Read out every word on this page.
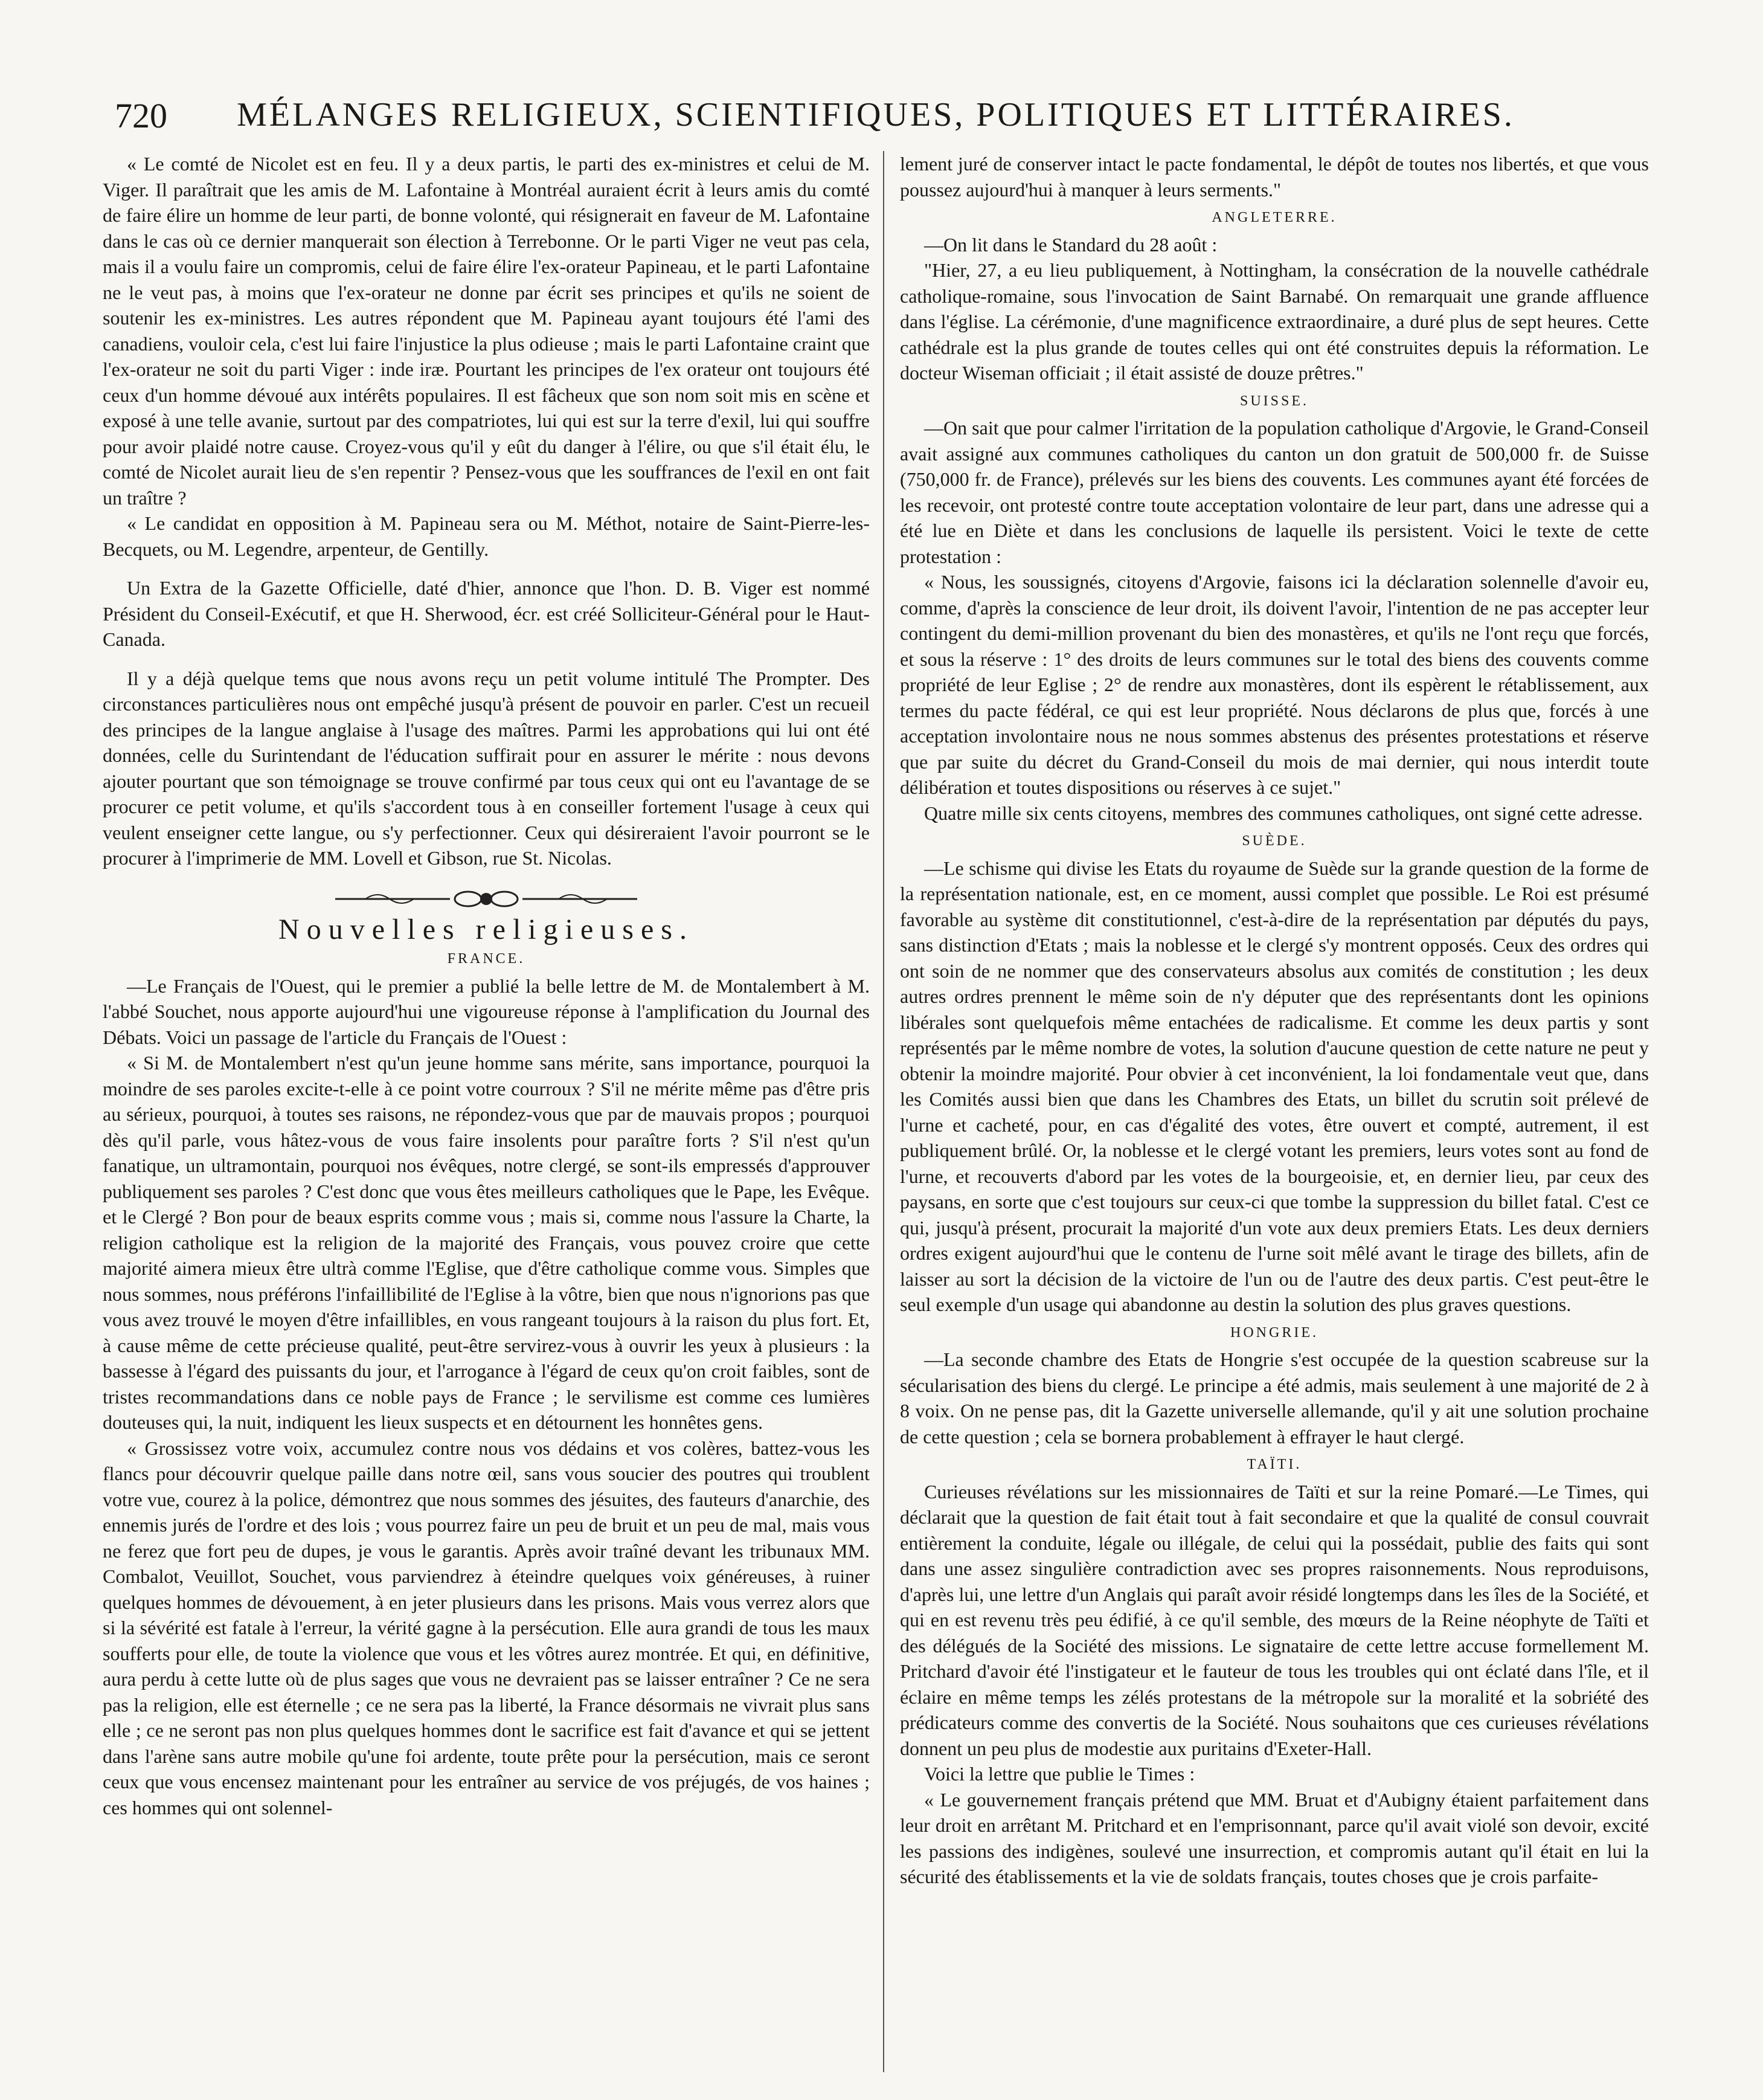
720	MÉLANGES RELIGIEUX, SCIENTIFIQUES, POLITIQUES ET LITTÉRAIRES.

« Le comté de Nicolet est en feu. Il y a deux partis, le parti des ex-ministres et celui de M. Viger. Il paraîtrait que les amis de M. Lafontaine à Montréal auraient écrit à leurs amis du comté de faire élire un homme de leur parti, de bonne volonté, qui résignerait en faveur de M. Lafontaine dans le cas où ce dernier manquerait son élection à Terrebonne. Or le parti Viger ne veut pas cela, mais il a voulu faire un compromis, celui de faire élire l'ex-orateur Papineau, et le parti Lafontaine ne le veut pas, à moins que l'ex-orateur ne donne par écrit ses principes et qu'ils ne soient de soutenir les ex-ministres. Les autres répondent que M. Papineau ayant toujours été l'ami des canadiens, vouloir cela, c'est lui faire l'injustice la plus odieuse ; mais le parti Lafontaine craint que l'ex-orateur ne soit du parti Viger : inde iræ. Pourtant les principes de l'ex orateur ont toujours été ceux d'un homme dévoué aux intérêts populaires. Il est fâcheux que son nom soit mis en scène et exposé à une telle avanie, surtout par des compatriotes, lui qui est sur la terre d'exil, lui qui souffre pour avoir plaidé notre cause. Croyez-vous qu'il y eût du danger à l'élire, ou que s'il était élu, le comté de Nicolet aurait lieu de s'en repentir ? Pensez-vous que les souffrances de l'exil en ont fait un traître ?

« Le candidat en opposition à M. Papineau sera ou M. Méthot, notaire de Saint-Pierre-les-Becquets, ou M. Legendre, arpenteur, de Gentilly.

Un Extra de la Gazette Officielle, daté d'hier, annonce que l'hon. D. B. Viger est nommé Président du Conseil-Exécutif, et que H. Sherwood, écr. est créé Solliciteur-Général pour le Haut-Canada.

Il y a déjà quelque tems que nous avons reçu un petit volume intitulé The Prompter. Des circonstances particulières nous ont empêché jusqu'à présent de pouvoir en parler. C'est un recueil des principes de la langue anglaise à l'usage des maîtres. Parmi les approbations qui lui ont été données, celle du Surintendant de l'éducation suffirait pour en assurer le mérite : nous devons ajouter pourtant que son témoignage se trouve confirmé par tous ceux qui ont eu l'avantage de se procurer ce petit volume, et qu'ils s'accordent tous à en conseiller fortement l'usage à ceux qui veulent enseigner cette langue, ou s'y perfectionner. Ceux qui désireraient l'avoir pourront se le procurer à l'imprimerie de MM. Lovell et Gibson, rue St. Nicolas.

Nouvelles religieuses.
FRANCE.

—Le Français de l'Ouest, qui le premier a publié la belle lettre de M. de Montalembert à M. l'abbé Souchet, nous apporte aujourd'hui une vigoureuse réponse à l'amplification du Journal des Débats. Voici un passage de l'article du Français de l'Ouest :

« Si M. de Montalembert n'est qu'un jeune homme sans mérite, sans importance, pourquoi la moindre de ses paroles excite-t-elle à ce point votre courroux ? S'il ne mérite même pas d'être pris au sérieux, pourquoi, à toutes ses raisons, ne répondez-vous que par de mauvais propos ; pourquoi dès qu'il parle, vous hâtez-vous de vous faire insolents pour paraître forts ? S'il n'est qu'un fanatique, un ultramontain, pourquoi nos évêques, notre clergé, se sont-ils empressés d'approuver publiquement ses paroles ? C'est donc que vous êtes meilleurs catholiques que le Pape, les Evêque. et le Clergé ? Bon pour de beaux esprits comme vous ; mais si, comme nous l'assure la Charte, la religion catholique est la religion de la majorité des Français, vous pouvez croire que cette majorité aimera mieux être ultrà comme l'Eglise, que d'être catholique comme vous. Simples que nous sommes, nous préférons l'infaillibilité de l'Eglise à la vôtre, bien que nous n'ignorions pas que vous avez trouvé le moyen d'être infaillibles, en vous rangeant toujours à la raison du plus fort. Et, à cause même de cette précieuse qualité, peut-être servirez-vous à ouvrir les yeux à plusieurs : la bassesse à l'égard des puissants du jour, et l'arrogance à l'égard de ceux qu'on croit faibles, sont de tristes recommandations dans ce noble pays de France ; le servilisme est comme ces lumières douteuses qui, la nuit, indiquent les lieux suspects et en détournent les honnêtes gens.

« Grossissez votre voix, accumulez contre nous vos dédains et vos colères, battez-vous les flancs pour découvrir quelque paille dans notre œil, sans vous soucier des poutres qui troublent votre vue, courez à la police, démontrez que nous sommes des jésuites, des fauteurs d'anarchie, des ennemis jurés de l'ordre et des lois ; vous pourrez faire un peu de bruit et un peu de mal, mais vous ne ferez que fort peu de dupes, je vous le garantis. Après avoir traîné devant les tribunaux MM. Combalot, Veuillot, Souchet, vous parviendrez à éteindre quelques voix généreuses, à ruiner quelques hommes de dévouement, à en jeter plusieurs dans les prisons. Mais vous verrez alors que si la sévérité est fatale à l'erreur, la vérité gagne à la persécution. Elle aura grandi de tous les maux soufferts pour elle, de toute la violence que vous et les vôtres aurez montrée. Et qui, en définitive, aura perdu à cette lutte où de plus sages que vous ne devraient pas se laisser entraîner ? Ce ne sera pas la religion, elle est éternelle ; ce ne sera pas la liberté, la France désormais ne vivrait plus sans elle ; ce ne seront pas non plus quelques hommes dont le sacrifice est fait d'avance et qui se jettent dans l'arène sans autre mobile qu'une foi ardente, toute prête pour la persécution, mais ce seront ceux que vous encensez maintenant pour les entraîner au service de vos préjugés, de vos haines ; ces hommes qui ont solennel-

lement juré de conserver intact le pacte fondamental, le dépôt de toutes nos libertés, et que vous poussez aujourd'hui à manquer à leurs serments."

ANGLETERRE.

—On lit dans le Standard du 28 août :

"Hier, 27, a eu lieu publiquement, à Nottingham, la consécration de la nouvelle cathédrale catholique-romaine, sous l'invocation de Saint Barnabé. On remarquait une grande affluence dans l'église. La cérémonie, d'une magnificence extraordinaire, a duré plus de sept heures. Cette cathédrale est la plus grande de toutes celles qui ont été construites depuis la réformation. Le docteur Wiseman officiait ; il était assisté de douze prêtres."

SUISSE.

—On sait que pour calmer l'irritation de la population catholique d'Argovie, le Grand-Conseil avait assigné aux communes catholiques du canton un don gratuit de 500,000 fr. de Suisse (750,000 fr. de France), prélevés sur les biens des couvents. Les communes ayant été forcées de les recevoir, ont protesté contre toute acceptation volontaire de leur part, dans une adresse qui a été lue en Diète et dans les conclusions de laquelle ils persistent. Voici le texte de cette protestation :

« Nous, les soussignés, citoyens d'Argovie, faisons ici la déclaration solennelle d'avoir eu, comme, d'après la conscience de leur droit, ils doivent l'avoir, l'intention de ne pas accepter leur contingent du demi-million provenant du bien des monastères, et qu'ils ne l'ont reçu que forcés, et sous la réserve : 1° des droits de leurs communes sur le total des biens des couvents comme propriété de leur Eglise ; 2° de rendre aux monastères, dont ils espèrent le rétablissement, aux termes du pacte fédéral, ce qui est leur propriété. Nous déclarons de plus que, forcés à une acceptation involontaire nous ne nous sommes abstenus des présentes protestations et réserve que par suite du décret du Grand-Conseil du mois de mai dernier, qui nous interdit toute délibération et toutes dispositions ou réserves à ce sujet."

Quatre mille six cents citoyens, membres des communes catholiques, ont signé cette adresse.

SUÈDE.

—Le schisme qui divise les Etats du royaume de Suède sur la grande question de la forme de la représentation nationale, est, en ce moment, aussi complet que possible. Le Roi est présumé favorable au système dit constitutionnel, c'est-à-dire de la représentation par députés du pays, sans distinction d'Etats ; mais la noblesse et le clergé s'y montrent opposés. Ceux des ordres qui ont soin de ne nommer que des conservateurs absolus aux comités de constitution ; les deux autres ordres prennent le même soin de n'y députer que des représentants dont les opinions libérales sont quelquefois même entachées de radicalisme. Et comme les deux partis y sont représentés par le même nombre de votes, la solution d'aucune question de cette nature ne peut y obtenir la moindre majorité. Pour obvier à cet inconvénient, la loi fondamentale veut que, dans les Comités aussi bien que dans les Chambres des Etats, un billet du scrutin soit prélevé de l'urne et cacheté, pour, en cas d'égalité des votes, être ouvert et compté, autrement, il est publiquement brûlé. Or, la noblesse et le clergé votant les premiers, leurs votes sont au fond de l'urne, et recouverts d'abord par les votes de la bourgeoisie, et, en dernier lieu, par ceux des paysans, en sorte que c'est toujours sur ceux-ci que tombe la suppression du billet fatal. C'est ce qui, jusqu'à présent, procurait la majorité d'un vote aux deux premiers Etats. Les deux derniers ordres exigent aujourd'hui que le contenu de l'urne soit mêlé avant le tirage des billets, afin de laisser au sort la décision de la victoire de l'un ou de l'autre des deux partis. C'est peut-être le seul exemple d'un usage qui abandonne au destin la solution des plus graves questions.

HONGRIE.

—La seconde chambre des Etats de Hongrie s'est occupée de la question scabreuse sur la sécularisation des biens du clergé. Le principe a été admis, mais seulement à une majorité de 2 à 8 voix. On ne pense pas, dit la Gazette universelle allemande, qu'il y ait une solution prochaine de cette question ; cela se bornera probablement à effrayer le haut clergé.

TAÏTI.

Curieuses révélations sur les missionnaires de Taïti et sur la reine Pomaré.—Le Times, qui déclarait que la question de fait était tout à fait secondaire et que la qualité de consul couvrait entièrement la conduite, légale ou illégale, de celui qui la possédait, publie des faits qui sont dans une assez singulière contradiction avec ses propres raisonnements. Nous reproduisons, d'après lui, une lettre d'un Anglais qui paraît avoir résidé longtemps dans les îles de la Société, et qui en est revenu très peu édifié, à ce qu'il semble, des mœurs de la Reine néophyte de Taïti et des délégués de la Société des missions. Le signataire de cette lettre accuse formellement M. Pritchard d'avoir été l'instigateur et le fauteur de tous les troubles qui ont éclaté dans l'île, et il éclaire en même temps les zélés protestans de la métropole sur la moralité et la sobriété des prédicateurs comme des convertis de la Société. Nous souhaitons que ces curieuses révélations donnent un peu plus de modestie aux puritains d'Exeter-Hall.

Voici la lettre que publie le Times :

« Le gouvernement français prétend que MM. Bruat et d'Aubigny étaient parfaitement dans leur droit en arrêtant M. Pritchard et en l'emprisonnant, parce qu'il avait violé son devoir, excité les passions des indigènes, soulevé une insurrection, et compromis autant qu'il était en lui la sécurité des établissements et la vie de soldats français, toutes choses que je crois parfaite-
